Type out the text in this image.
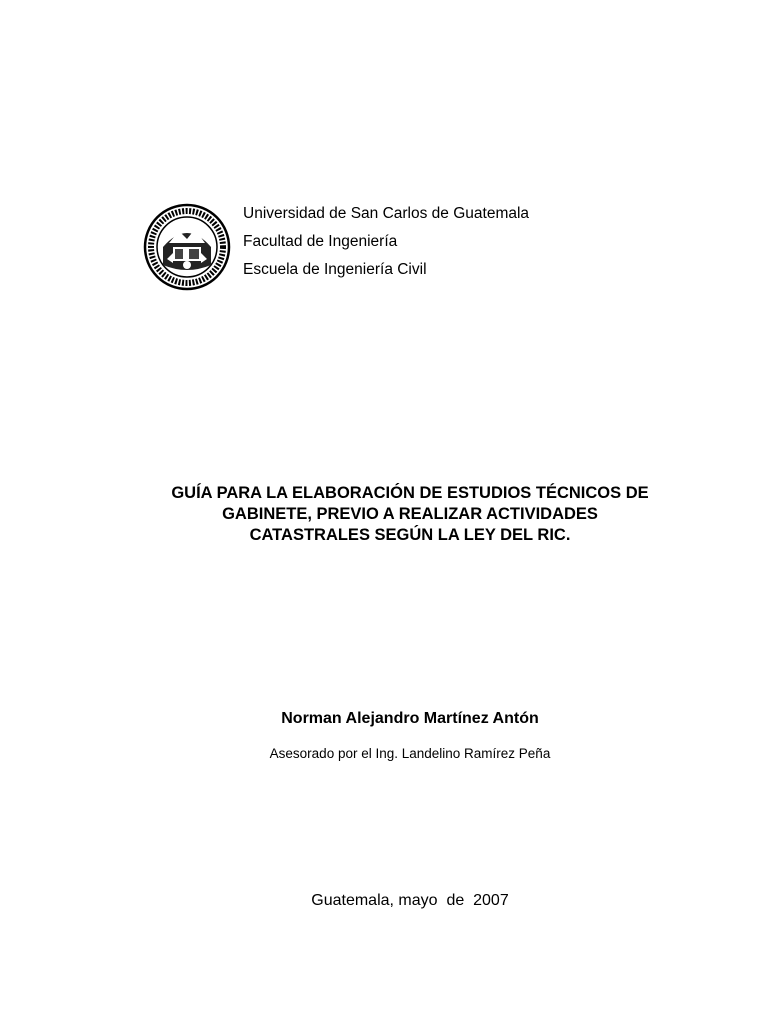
Universidad de San Carlos de Guatemala
Facultad de Ingeniería
Escuela de Ingeniería Civil
GUÍA PARA LA ELABORACIÓN DE ESTUDIOS TÉCNICOS DE
GABINETE, PREVIO A REALIZAR ACTIVIDADES
CATASTRALES SEGÚN LA LEY DEL RIC.
Norman Alejandro Martínez Antón
Asesorado por el Ing. Landelino Ramírez Peña
Guatemala, mayo  de  2007
